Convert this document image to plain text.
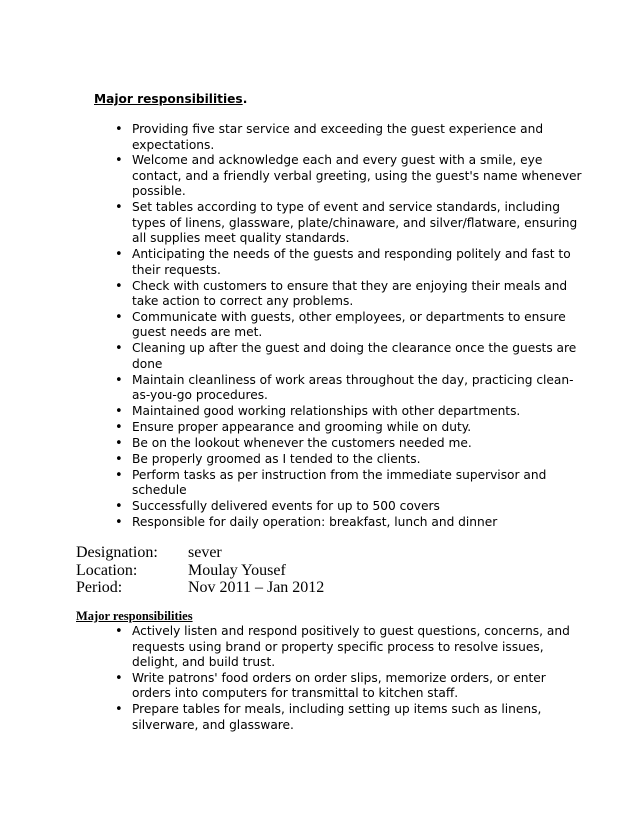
Major responsibilities.
• Providing five star service and exceeding the guest experience and expectations.
• Welcome and acknowledge each and every guest with a smile, eye contact, and a friendly verbal greeting, using the guest's name whenever possible.
• Set tables according to type of event and service standards, including types of linens, glassware, plate/chinaware, and silver/flatware, ensuring all supplies meet quality standards.
• Anticipating the needs of the guests and responding politely and fast to their requests.
• Check with customers to ensure that they are enjoying their meals and take action to correct any problems.
• Communicate with guests, other employees, or departments to ensure guest needs are met.
• Cleaning up after the guest and doing the clearance once the guests are done
• Maintain cleanliness of work areas throughout the day, practicing clean-as-you-go procedures.
• Maintained good working relationships with other departments.
• Ensure proper appearance and grooming while on duty.
• Be on the lookout whenever the customers needed me.
• Be properly groomed as I tended to the clients.
• Perform tasks as per instruction from the immediate supervisor and schedule
• Successfully delivered events for up to 500 covers
• Responsible for daily operation: breakfast, lunch and dinner
Designation:	sever
Location:	Moulay Yousef
Period:	Nov 2011 – Jan 2012
Major responsibilities
• Actively listen and respond positively to guest questions, concerns, and requests using brand or property specific process to resolve issues, delight, and build trust.
• Write patrons' food orders on order slips, memorize orders, or enter orders into computers for transmittal to kitchen staff.
• Prepare tables for meals, including setting up items such as linens, silverware, and glassware.
